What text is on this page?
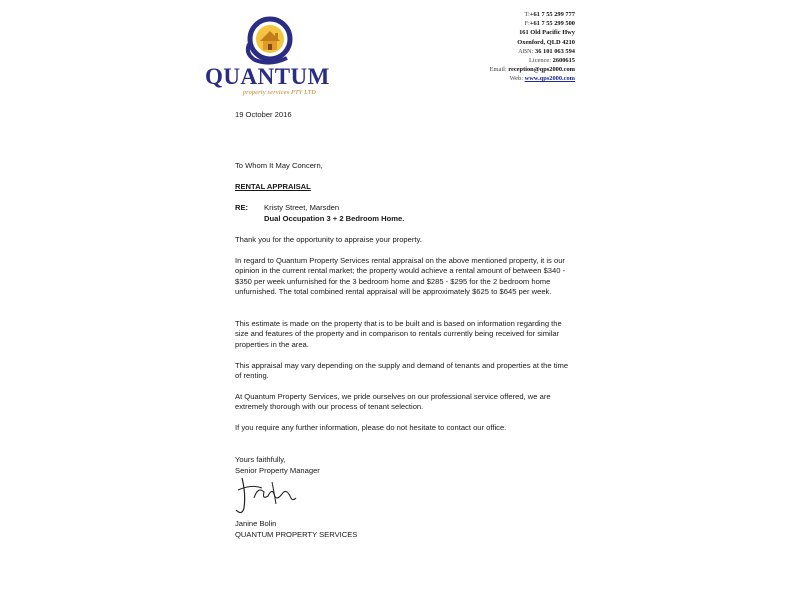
QUANTUM
property services PTY LTD
T:+61 7 55 299 777
F:+61 7 55 299 500
161 Old Pacific Hwy
Oxenford, QLD 4210
ABN: 36 101 063 594
Licence: 2600615
Email: reception@qps2000.com
Web: www.qps2000.com
19 October 2016
To Whom It May Concern,
RENTAL APPRAISAL
RE: Kristy Street, Marsden
Dual Occupation 3 + 2 Bedroom Home.
Thank you for the opportunity to appraise your property.
In regard to Quantum Property Services rental appraisal on the above mentioned property, it is our opinion in the current rental market; the property would achieve a rental amount of between $340 - $350 per week unfurnished for the 3 bedroom home and $285 - $295 for the 2 bedroom home unfurnished. The total combined rental appraisal will be approximately $625 to $645 per week.
This estimate is made on the property that is to be built and is based on information regarding the size and features of the property and in comparison to rentals currently being received for similar properties in the area.
This appraisal may vary depending on the supply and demand of tenants and properties at the time of renting.
At Quantum Property Services, we pride ourselves on our professional service offered, we are extremely thorough with our process of tenant selection.
If you require any further information, please do not hesitate to contact our office.
Yours faithfully,
Senior Property Manager
Janine Bolin
QUANTUM PROPERTY SERVICES
